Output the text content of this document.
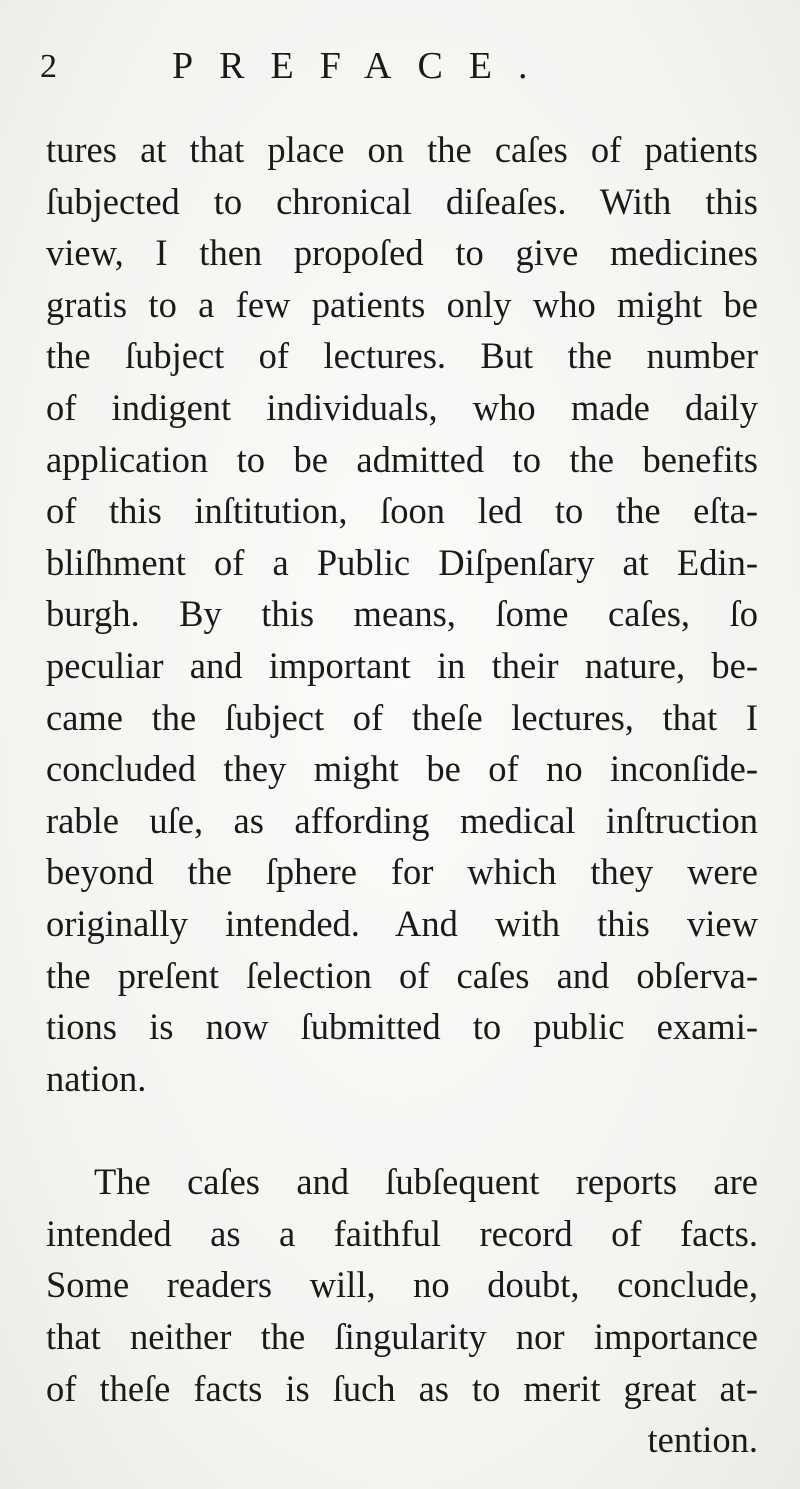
2	PREFACE.
tures at that place on the caſes of patients
ſubjected to chronical diſeaſes. With this
view, I then propoſed to give medicines
gratis to a few patients only who might be
the ſubject of lectures. But the number
of indigent individuals, who made daily
application to be admitted to the benefits
of this inſtitution, ſoon led to the eſta-
bliſhment of a Public Diſpenſary at Edin-
burgh. By this means, ſome caſes, ſo
peculiar and important in their nature, be-
came the ſubject of theſe lectures, that I
concluded they might be of no inconſide-
rable uſe, as affording medical inſtruction
beyond the ſphere for which they were
originally intended. And with this view
the preſent ſelection of caſes and obſerva-
tions is now ſubmitted to public exami-
nation.
The caſes and ſubſequent reports are
intended as a faithful record of facts.
Some readers will, no doubt, conclude,
that neither the ſingularity nor importance
of theſe facts is ſuch as to merit great at-
tention.
